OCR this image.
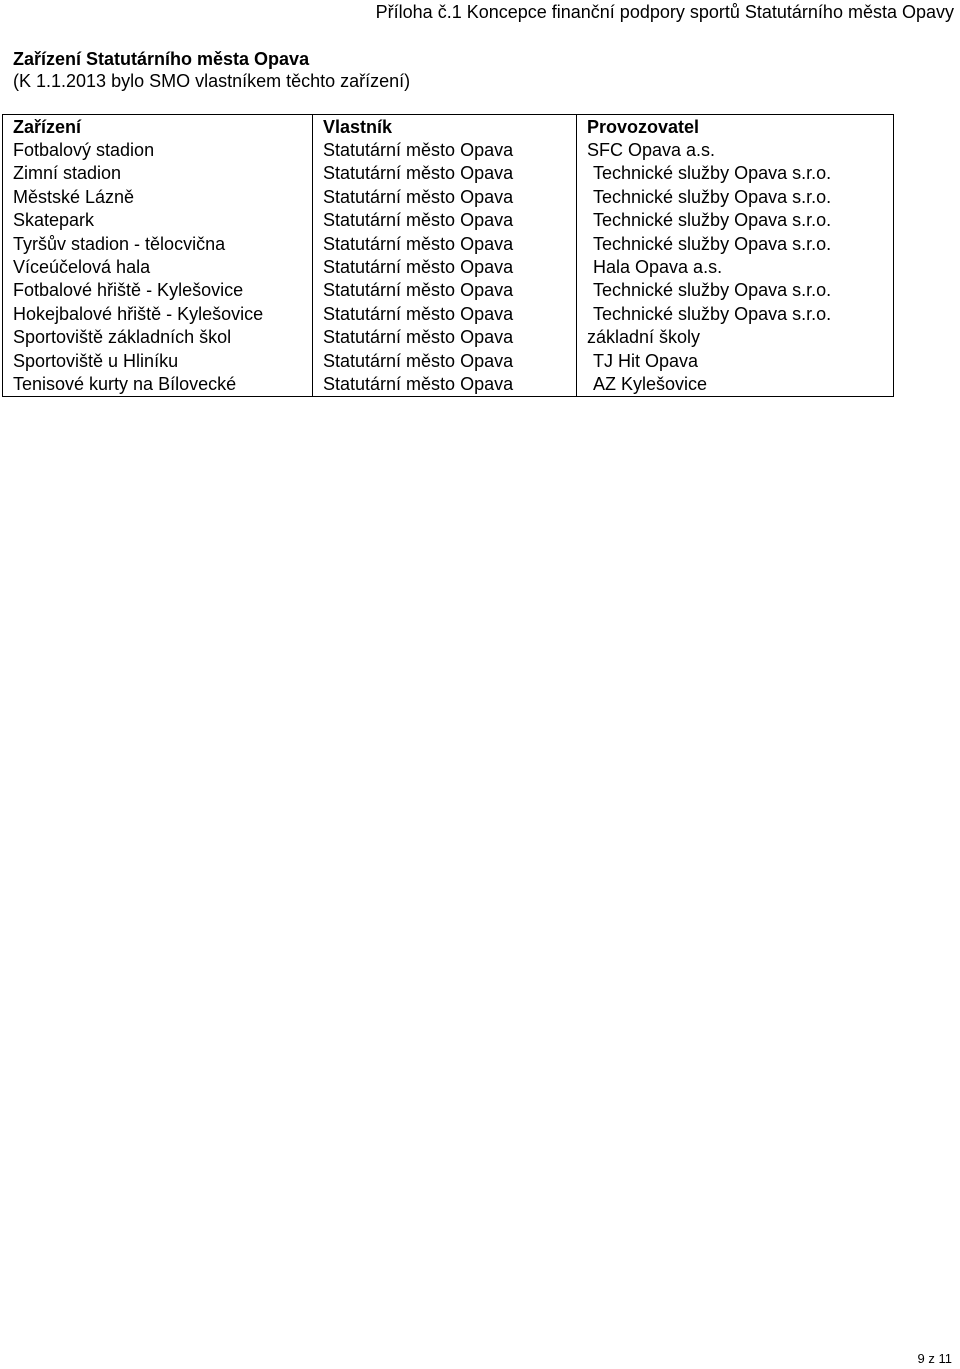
Příloha č.1 Koncepce finanční podpory sportů Statutárního města Opavy
Zařízení Statutárního města Opava
(K 1.1.2013 bylo SMO vlastníkem těchto zařízení)
Zařízení	Vlastník	Provozovatel
Fotbalový stadion	Statutární město Opava	SFC Opava a.s.
Zimní stadion	Statutární město Opava	Technické služby Opava s.r.o.
Městské Lázně	Statutární město Opava	Technické služby Opava s.r.o.
Skatepark	Statutární město Opava	Technické služby Opava s.r.o.
Tyršův stadion - tělocvična	Statutární město Opava	Technické služby Opava s.r.o.
Víceúčelová hala	Statutární město Opava	Hala Opava a.s.
Fotbalové hřiště - Kylešovice	Statutární město Opava	Technické služby Opava s.r.o.
Hokejbalové hřiště - Kylešovice	Statutární město Opava	Technické služby Opava s.r.o.
Sportoviště základních škol	Statutární město Opava	základní školy
Sportoviště u Hliníku	Statutární město Opava	TJ Hit Opava
Tenisové kurty na Bílovecké	Statutární město Opava	AZ Kylešovice
9 z 11
